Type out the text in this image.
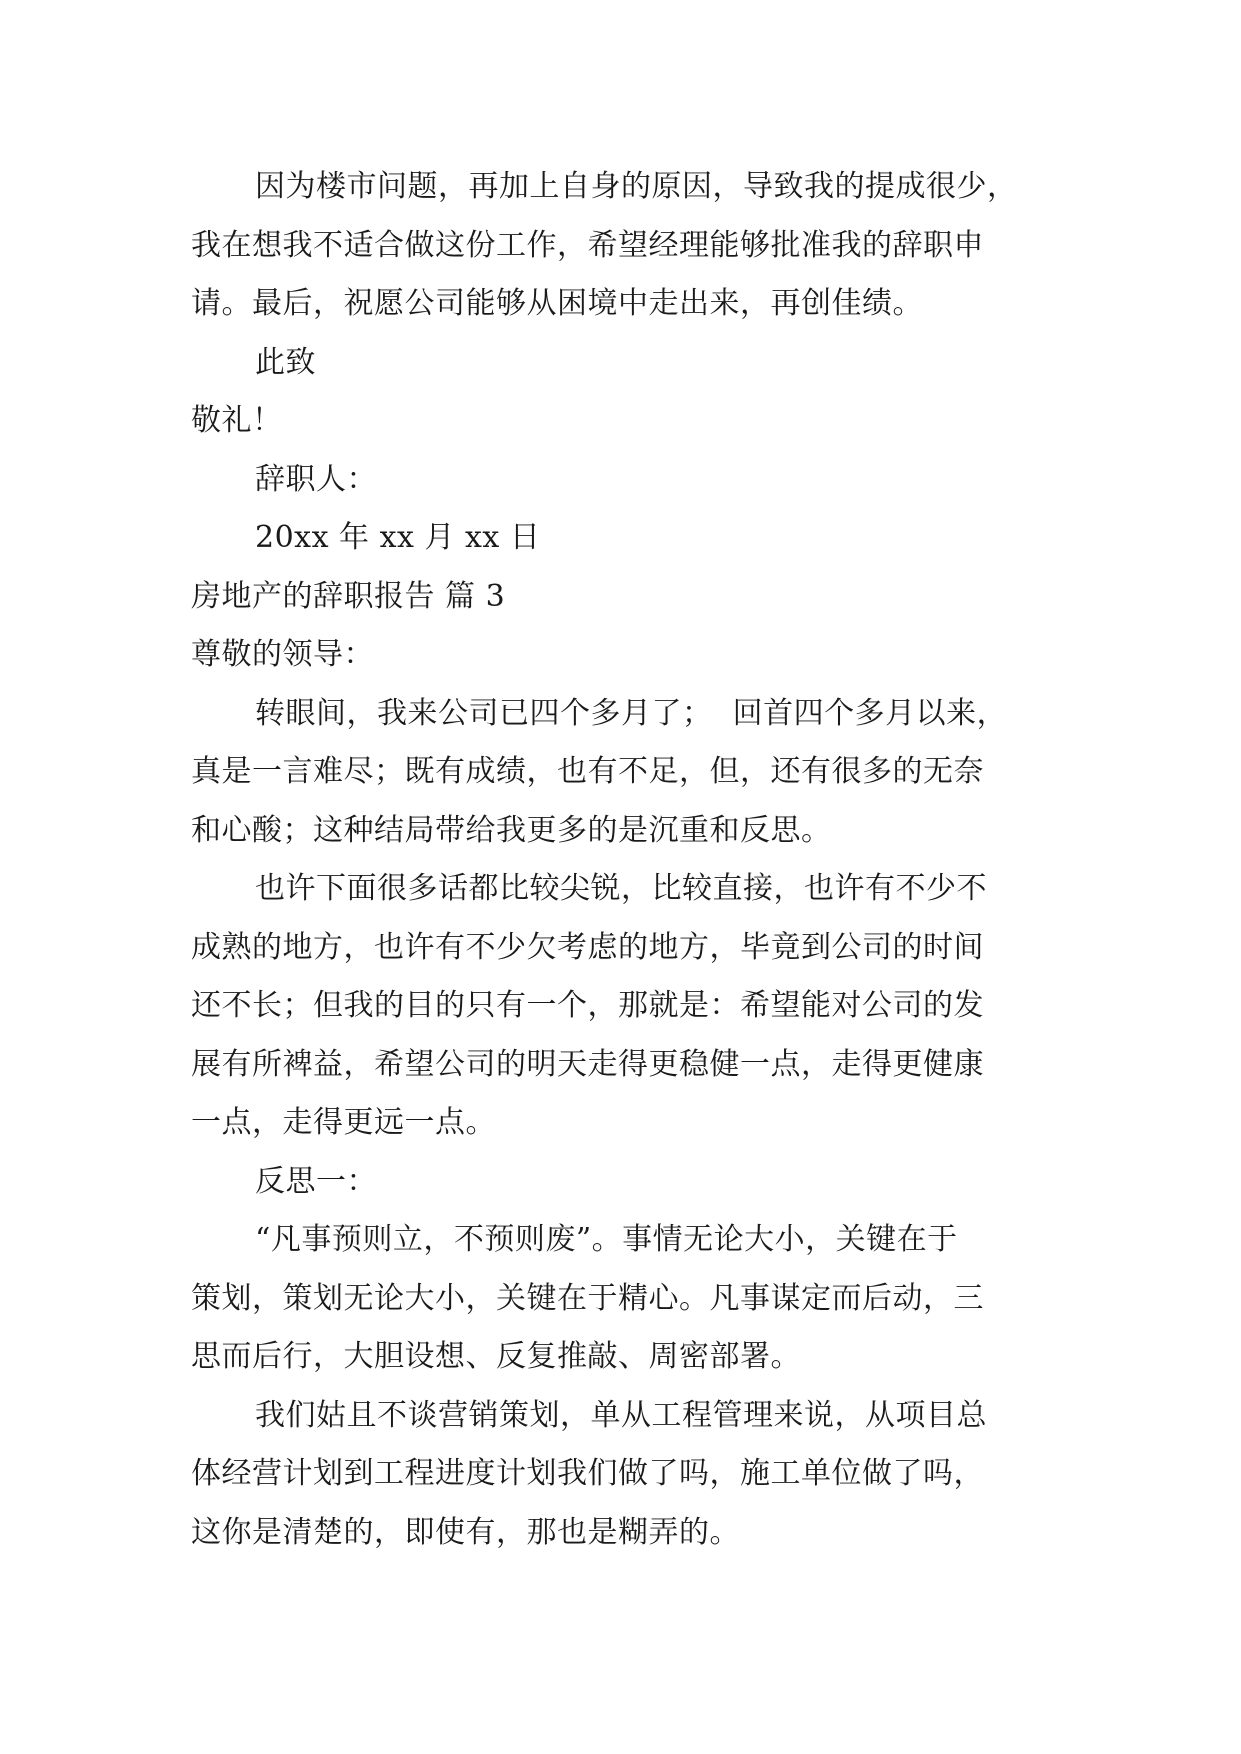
因为楼市问题，再加上自身的原因，导致我的提成很少，
我在想我不适合做这份工作，希望经理能够批准我的辞职申
请。最后，祝愿公司能够从困境中走出来，再创佳绩。
此致
敬礼！
辞职人：
20xx 年 xx 月 xx 日
房地产的辞职报告 篇 3
尊敬的领导：
转眼间，我来公司已四个多月了；  回首四个多月以来，
真是一言难尽；既有成绩，也有不足，但，还有很多的无奈
和心酸；这种结局带给我更多的是沉重和反思。
也许下面很多话都比较尖锐，比较直接，也许有不少不
成熟的地方，也许有不少欠考虑的地方，毕竟到公司的时间
还不长；但我的目的只有一个，那就是：希望能对公司的发
展有所裨益，希望公司的明天走得更稳健一点，走得更健康
一点，走得更远一点。
反思一：
“凡事预则立，不预则废”。事情无论大小，关键在于
策划，策划无论大小，关键在于精心。凡事谋定而后动，三
思而后行，大胆设想、反复推敲、周密部署。
我们姑且不谈营销策划，单从工程管理来说，从项目总
体经营计划到工程进度计划我们做了吗，施工单位做了吗，
这你是清楚的，即使有，那也是糊弄的。
